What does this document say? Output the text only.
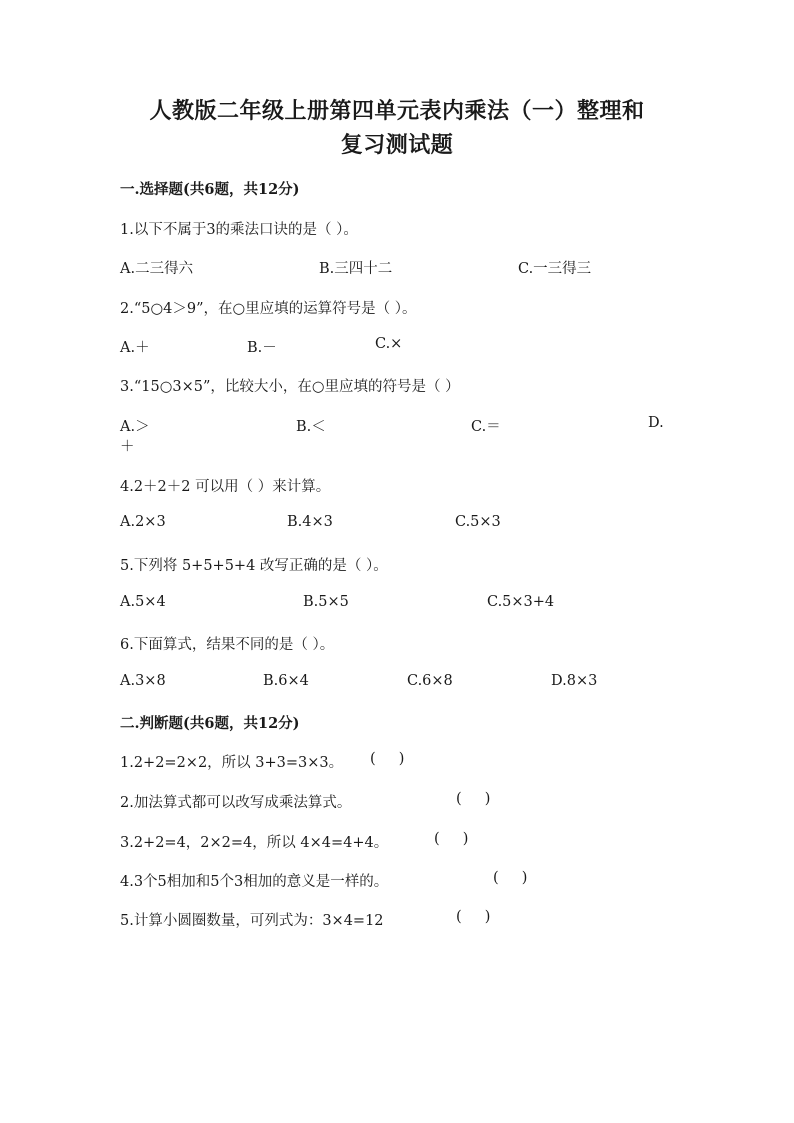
人教版二年级上册第四单元表内乘法（一）整理和
复习测试题
一.选择题(共6题，共12分)
1.以下不属于3的乘法口诀的是（ ）。
A.二三得六	B.三四十二	C.一三得三
2.“5○4＞9”，在○里应填的运算符号是（ ）。
A.＋	B.－	C.×
3.“15○3×5”，比较大小，在○里应填的符号是（ ）
A.＞	B.＜	C.＝	D.
＋
4.2＋2＋2 可以用（ ）来计算。
A.2×3	B.4×3	C.5×3
5.下列将 5+5+5+4 改写正确的是（ ）。
A.5×4	B.5×5	C.5×3+4
6.下面算式，结果不同的是（ ）。
A.3×8	B.6×4	C.6×8	D.8×3
二.判断题(共6题，共12分)
1.2+2=2×2，所以 3+3=3×3。 (     )
2.加法算式都可以改写成乘法算式。	(     )
3.2+2=4，2×2=4，所以 4×4=4+4。	(     )
4.3个5相加和5个3相加的意义是一样的。	(     )
5.计算小圆圈数量，可列式为：3×4=12	(     )
